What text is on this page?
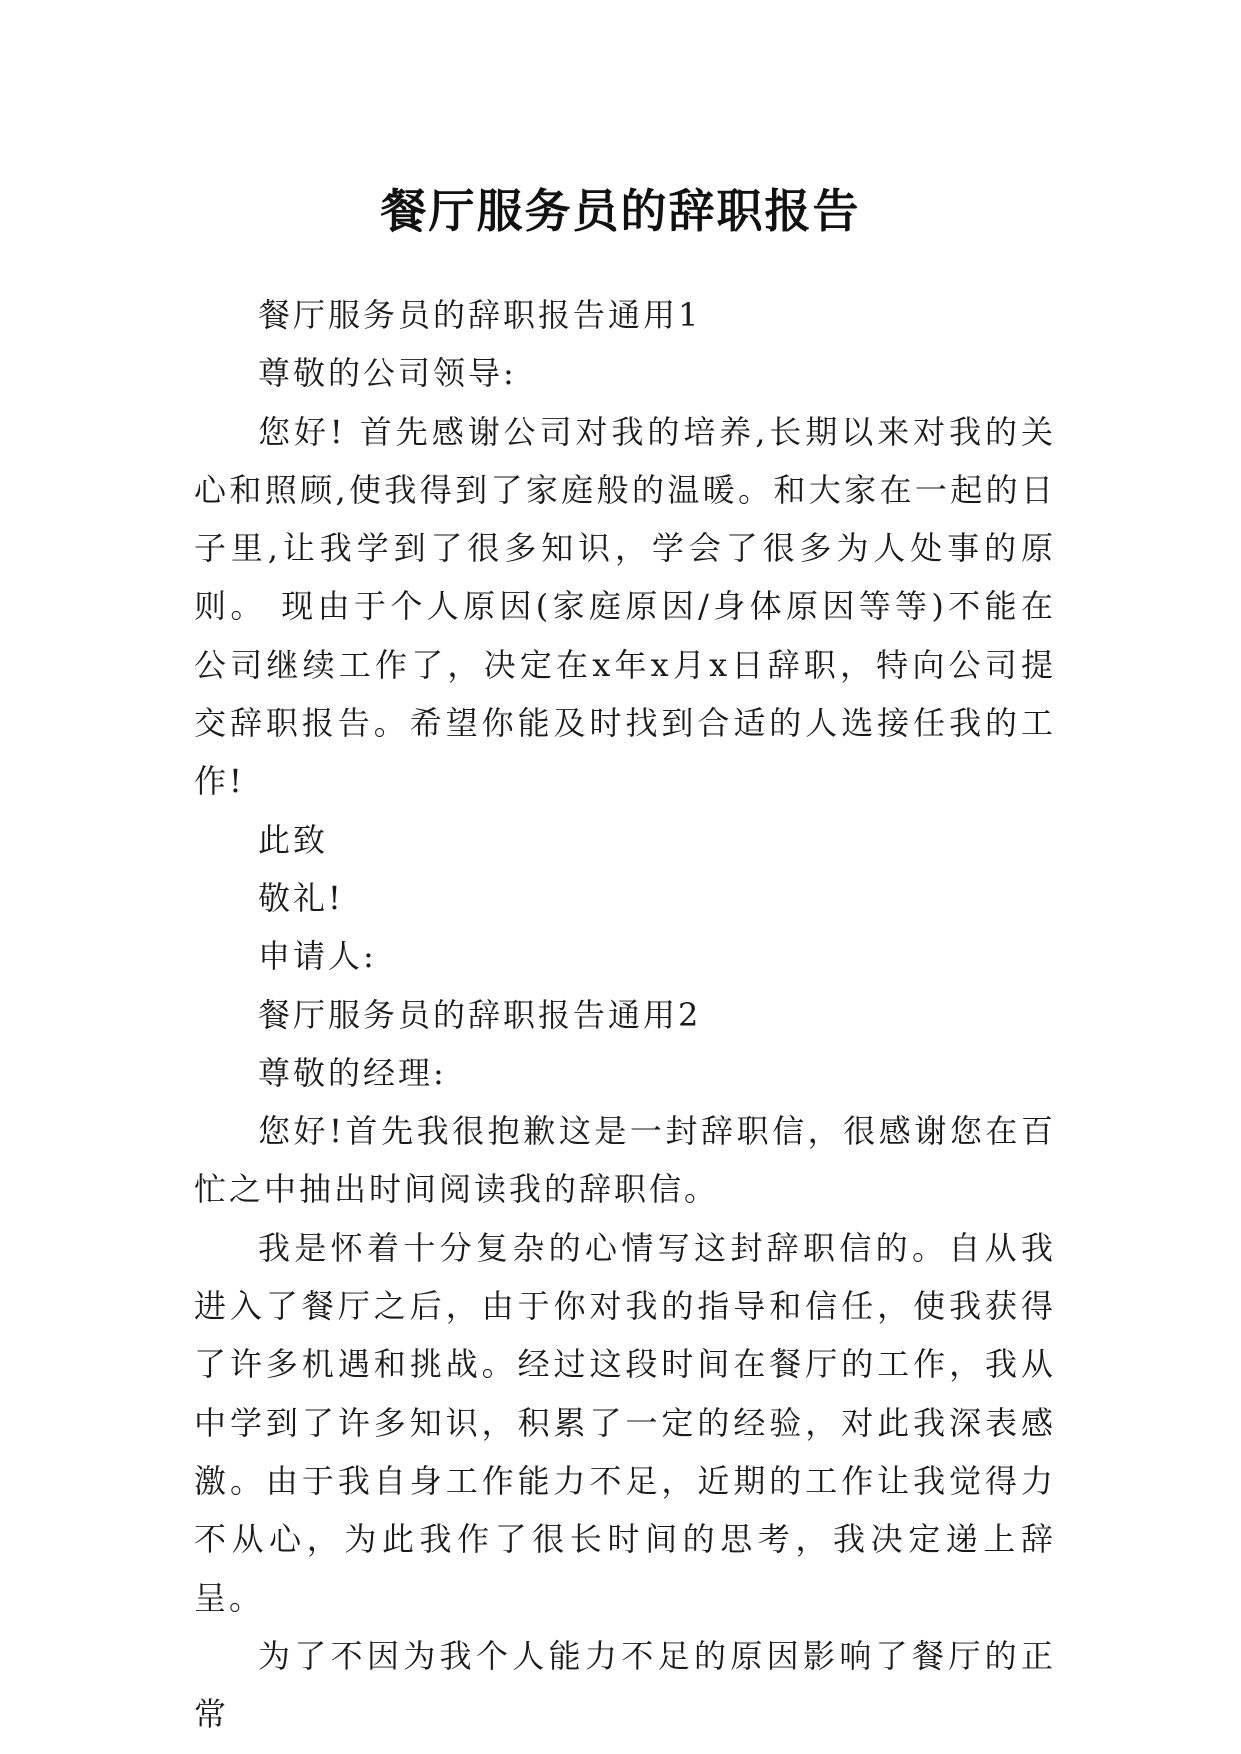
餐厅服务员的辞职报告

餐厅服务员的辞职报告通用1

尊敬的公司领导:

您好! 首先感谢公司对我的培养,长期以来对我的关心和照顾,使我得到了家庭般的温暖。和大家在一起的日子里,让我学到了很多知识，学会了很多为人处事的原则。 现由于个人原因(家庭原因/身体原因等等)不能在公司继续工作了，决定在x年x月x日辞职，特向公司提交辞职报告。希望你能及时找到合适的人选接任我的工作!

此致

敬礼!

申请人:

餐厅服务员的辞职报告通用2

尊敬的经理:

您好!首先我很抱歉这是一封辞职信，很感谢您在百忙之中抽出时间阅读我的辞职信。

我是怀着十分复杂的心情写这封辞职信的。自从我进入了餐厅之后，由于你对我的指导和信任，使我获得了许多机遇和挑战。经过这段时间在餐厅的工作，我从中学到了许多知识，积累了一定的经验，对此我深表感激。由于我自身工作能力不足，近期的工作让我觉得力不从心，为此我作了很长时间的思考，我决定递上辞呈。

为了不因为我个人能力不足的原因影响了餐厅的正常
